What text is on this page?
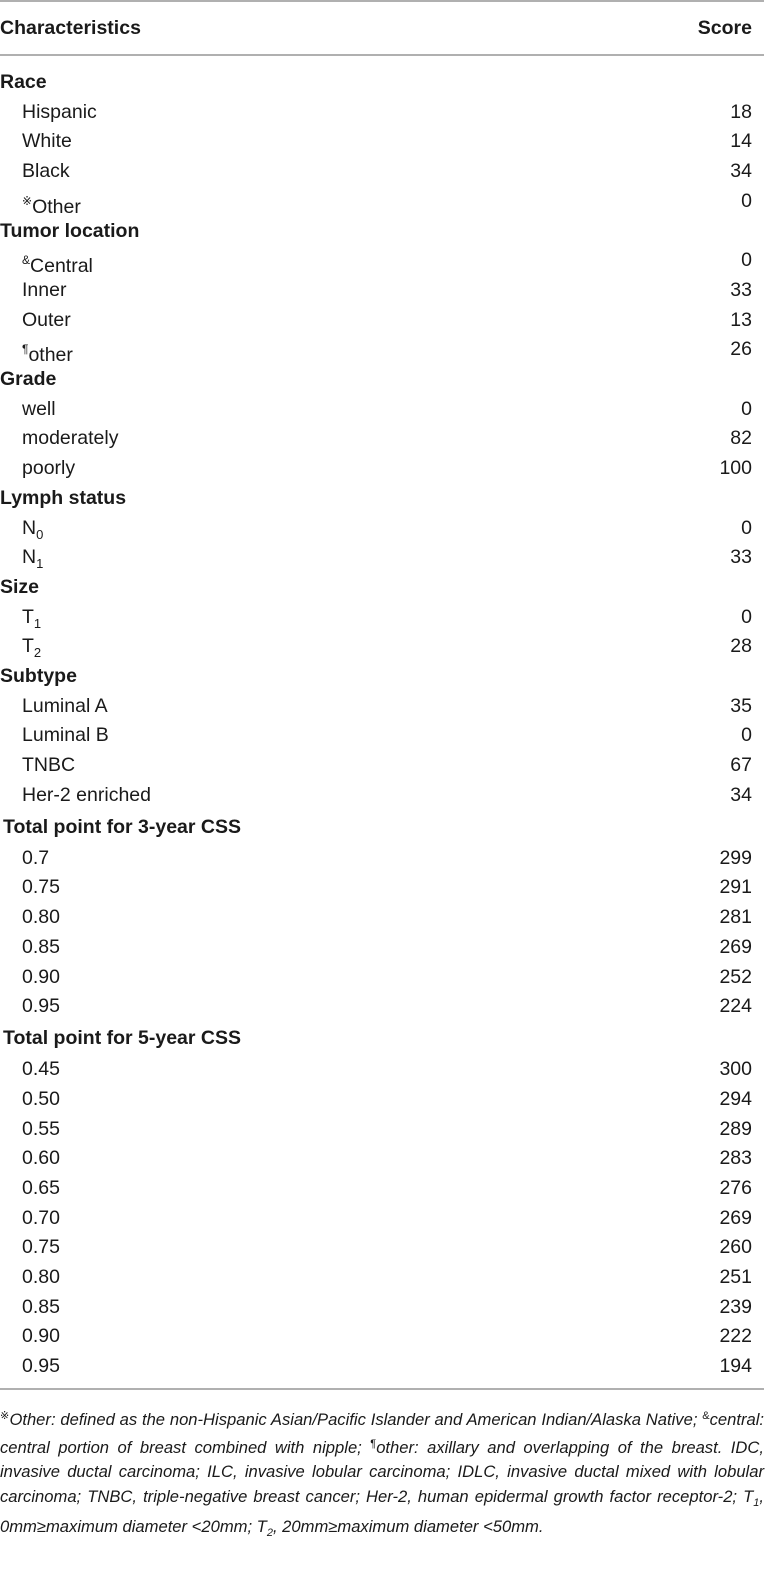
Characteristics	Score
Race
Hispanic	18
White	14
Black	34
※Other	0
Tumor location
&Central	0
Inner	33
Outer	13
¶other	26
Grade
well	0
moderately	82
poorly	100
Lymph status
$N_0$	0
$N_1$	33
Size
$T_1$	0
$T_2$	28
Subtype
Luminal A	35
Luminal B	0
TNBC	67
Her-2 enriched	34
Total point for 3-year CSS
0.7	299
0.75	291
0.80	281
0.85	269
0.90	252
0.95	224
Total point for 5-year CSS
0.45	300
0.50	294
0.55	289
0.60	283
0.65	276
0.70	269
0.75	260
0.80	251
0.85	239
0.90	222
0.95	194
※Other: defined as the non-Hispanic Asian/Pacific Islander and American Indian/Alaska Native; &central: central portion of breast combined with nipple; ¶other: axillary and overlapping of the breast. IDC, invasive ductal carcinoma; ILC, invasive lobular carcinoma; IDLC, invasive ductal mixed with lobular carcinoma; TNBC, triple-negative breast cancer; Her-2, human epidermal growth factor receptor-2; $T_1$, 0mm≥maximum diameter <20mm; $T_2$, 20mm≥maximum diameter <50mm.
